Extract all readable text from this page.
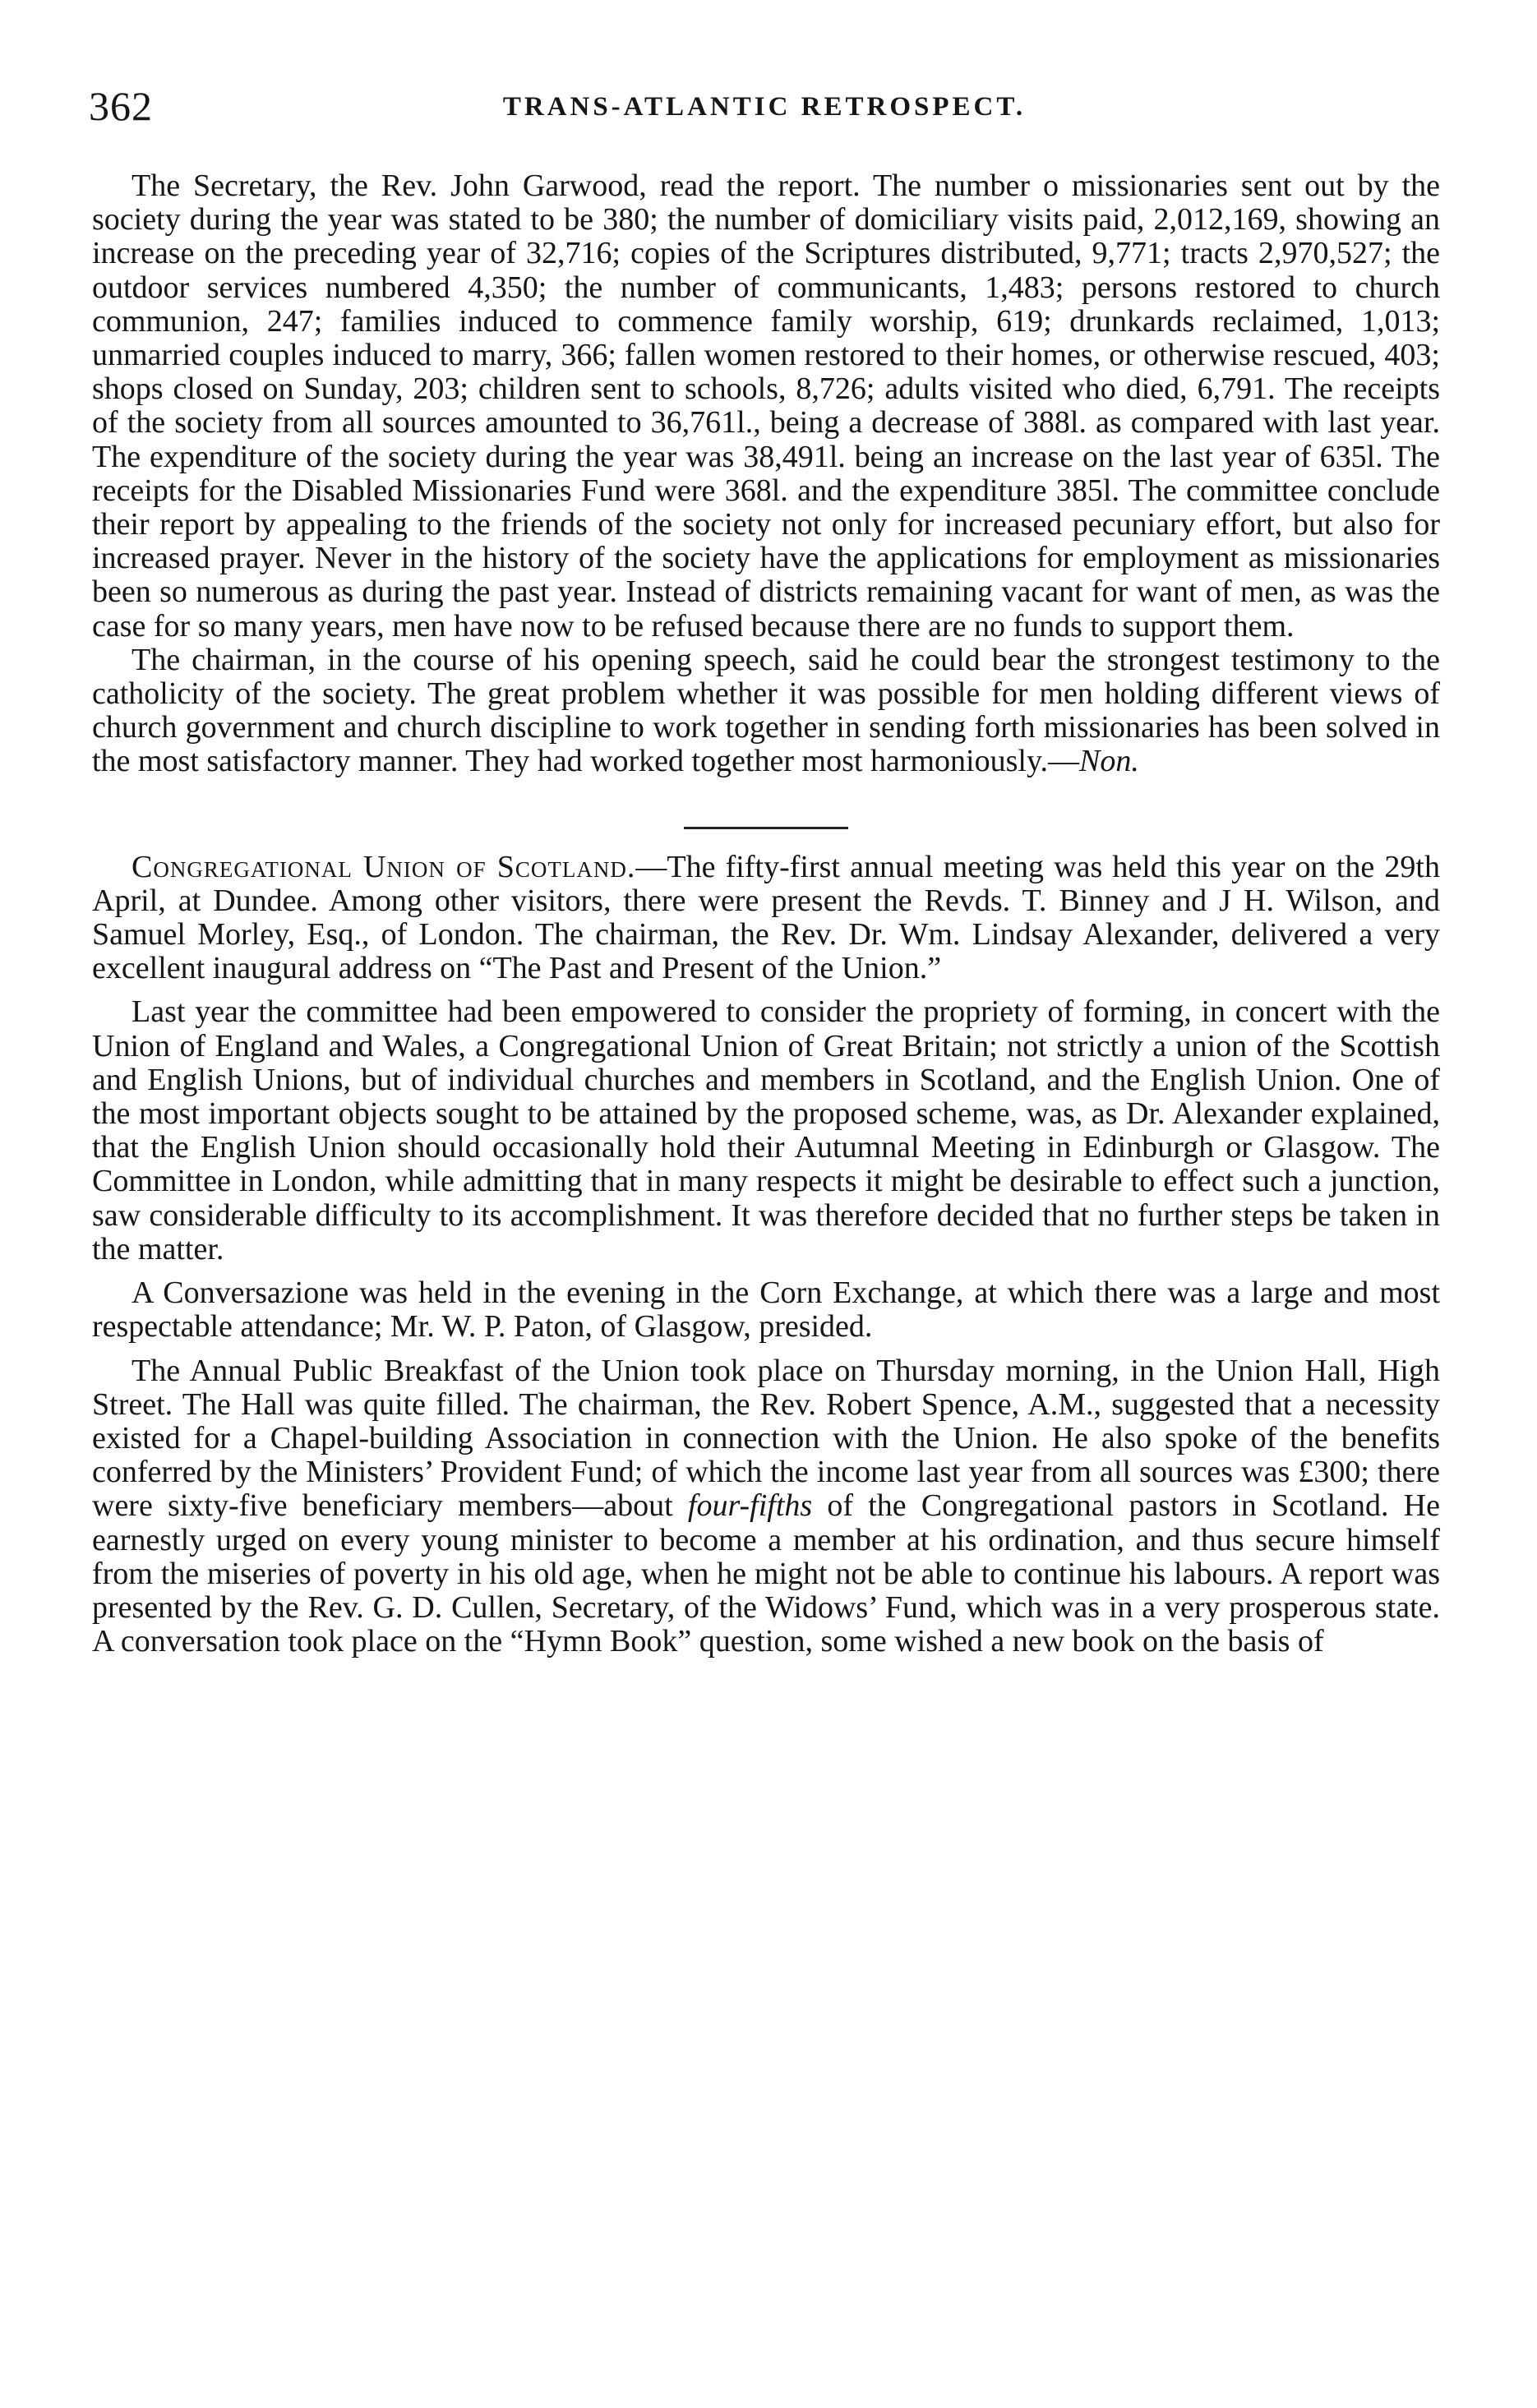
362	TRANS-ATLANTIC RETROSPECT.

The Secretary, the Rev. John Garwood, read the report. The number o missionaries sent out by the society during the year was stated to be 380; the number of domiciliary visits paid, 2,012,169, showing an increase on the preceding year of 32,716; copies of the Scriptures distributed, 9,771; tracts 2,970,527; the outdoor services numbered 4,350; the number of communicants, 1,483; persons restored to church communion, 247; families induced to commence family worship, 619; drunkards reclaimed, 1,013; unmarried couples induced to marry, 366; fallen women restored to their homes, or otherwise rescued, 403; shops closed on Sunday, 203; children sent to schools, 8,726; adults visited who died, 6,791. The receipts of the society from all sources amounted to 36,761l., being a decrease of 388l. as compared with last year. The expenditure of the society during the year was 38,491l. being an increase on the last year of 635l. The receipts for the Disabled Missionaries Fund were 368l. and the expenditure 385l. The committee conclude their report by appealing to the friends of the society not only for increased pecuniary effort, but also for increased prayer. Never in the history of the society have the applications for employment as missionaries been so numerous as during the past year. Instead of districts remaining vacant for want of men, as was the case for so many years, men have now to be refused because there are no funds to support them.

The chairman, in the course of his opening speech, said he could bear the strongest testimony to the catholicity of the society. The great problem whether it was possible for men holding different views of church government and church discipline to work together in sending forth missionaries has been solved in the most satisfactory manner. They had worked together most harmoniously.—Non.

Congregational Union of Scotland.—The fifty-first annual meeting was held this year on the 29th April, at Dundee. Among other visitors, there were present the Revds. T. Binney and J H. Wilson, and Samuel Morley, Esq., of London. The chairman, the Rev. Dr. Wm. Lindsay Alexander, delivered a very excellent inaugural address on “The Past and Present of the Union.”

Last year the committee had been empowered to consider the propriety of forming, in concert with the Union of England and Wales, a Congregational Union of Great Britain; not strictly a union of the Scottish and English Unions, but of individual churches and members in Scotland, and the English Union. One of the most important objects sought to be attained by the proposed scheme, was, as Dr. Alexander explained, that the English Union should occasionally hold their Autumnal Meeting in Edinburgh or Glasgow. The Committee in London, while admitting that in many respects it might be desirable to effect such a junction, saw considerable difficulty to its accomplishment. It was therefore decided that no further steps be taken in the matter.

A Conversazione was held in the evening in the Corn Exchange, at which there was a large and most respectable attendance; Mr. W. P. Paton, of Glasgow, presided.

The Annual Public Breakfast of the Union took place on Thursday morning, in the Union Hall, High Street. The Hall was quite filled. The chairman, the Rev. Robert Spence, A.M., suggested that a necessity existed for a Chapel-building Association in connection with the Union. He also spoke of the benefits conferred by the Ministers’ Provident Fund; of which the income last year from all sources was £300; there were sixty-five beneficiary members—about four-fifths of the Congregational pastors in Scotland. He earnestly urged on every young minister to become a member at his ordination, and thus secure himself from the miseries of poverty in his old age, when he might not be able to continue his labours. A report was presented by the Rev. G. D. Cullen, Secretary, of the Widows’ Fund, which was in a very prosperous state. A conversation took place on the “Hymn Book” question, some wished a new book on the basis of
